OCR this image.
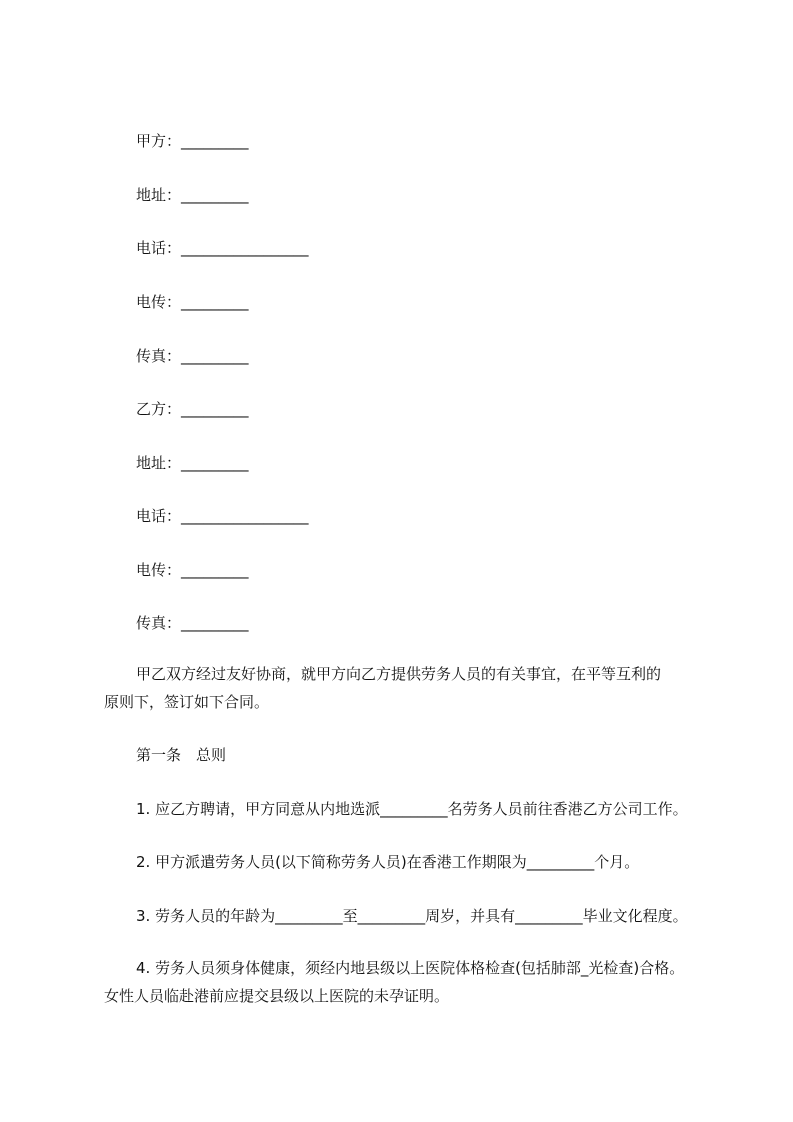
甲方：_________
地址：_________
电话：_________________
电传：_________
传真：_________
乙方：_________
地址：_________
电话：_________________
电传：_________
传真：_________
甲乙双方经过友好协商，就甲方向乙方提供劳务人员的有关事宜，在平等互利的
原则下，签订如下合同。
第一条　总则
1. 应乙方聘请，甲方同意从内地选派_________名劳务人员前往香港乙方公司工作。
2. 甲方派遣劳务人员(以下简称劳务人员)在香港工作期限为_________个月。
3. 劳务人员的年龄为_________至_________周岁，并具有_________毕业文化程度。
4. 劳务人员须身体健康，须经内地县级以上医院体格检查(包括肺部_光检查)合格。
女性人员临赴港前应提交县级以上医院的未孕证明。
